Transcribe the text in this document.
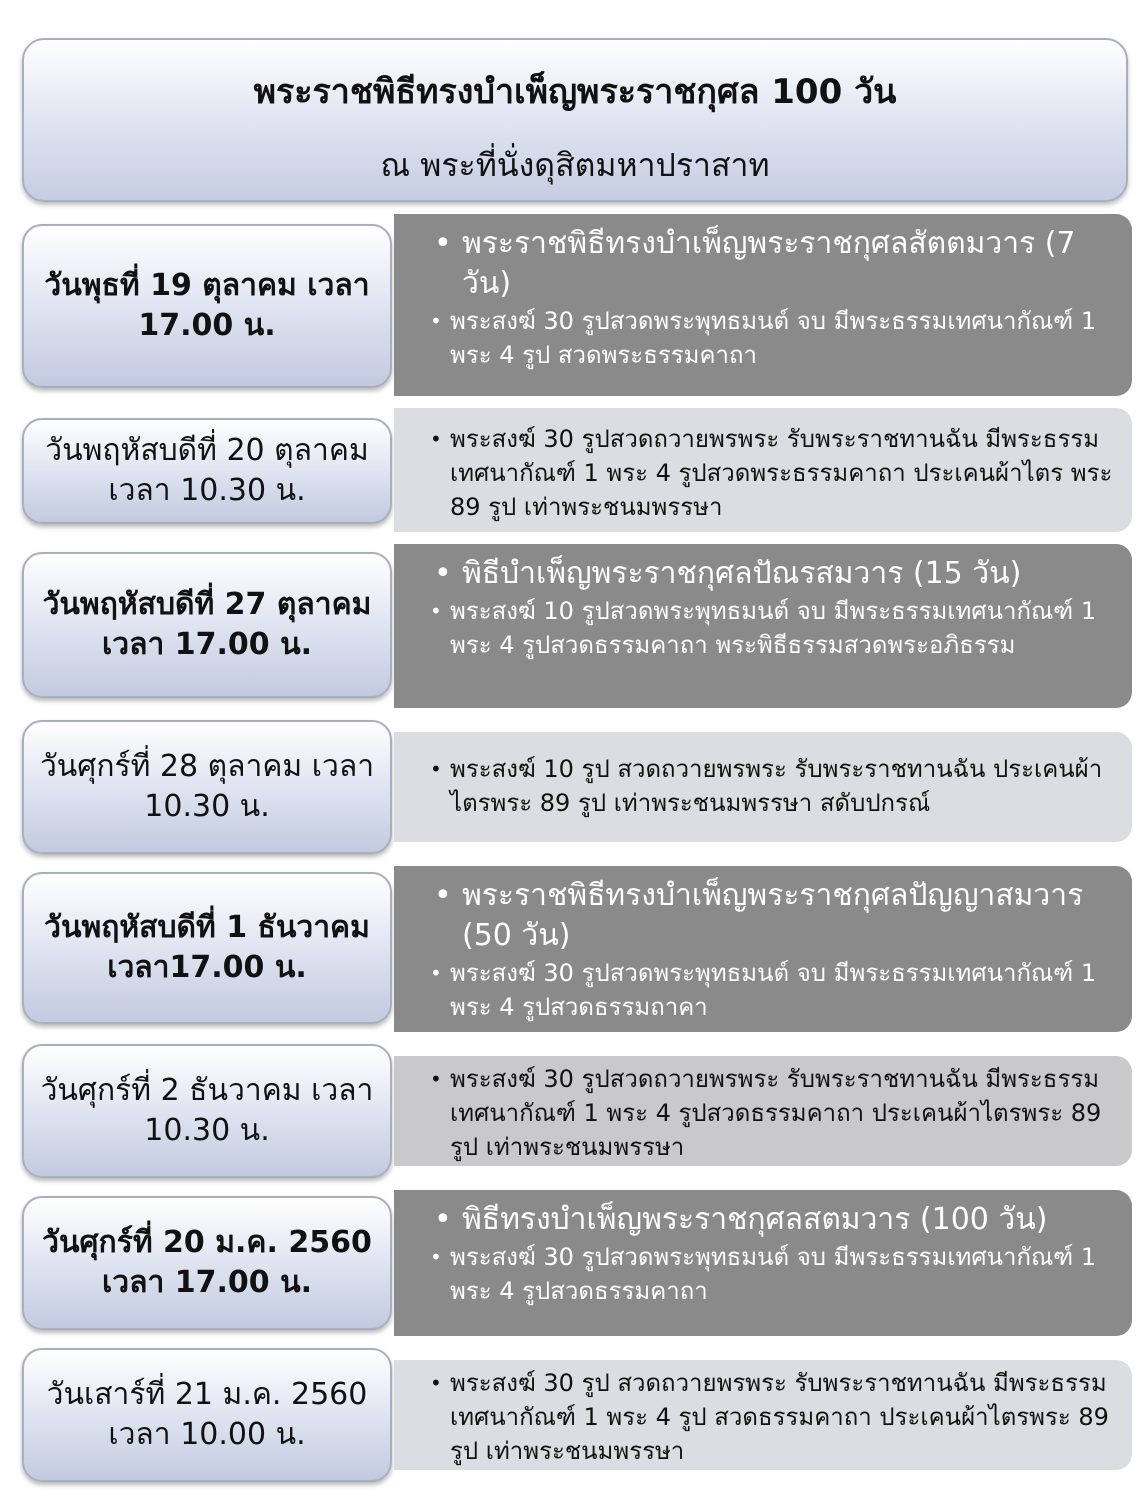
พระราชพิธีทรงบำเพ็ญพระราชกุศล 100 วัน
ณ พระที่นั่งดุสิตมหาปราสาท
วันพุธที่ 19 ตุลาคม เวลา 17.00 น.
• พระราชพิธีทรงบำเพ็ญพระราชกุศลสัตตมวาร (7 วัน)
• พระสงฆ์ 30 รูปสวดพระพุทธมนต์ จบ มีพระธรรมเทศนากัณฑ์ 1 พระ 4 รูป สวดพระธรรมคาถา
วันพฤหัสบดีที่ 20 ตุลาคม เวลา 10.30 น.
• พระสงฆ์ 30 รูปสวดถวายพรพระ รับพระราชทานฉัน มีพระธรรมเทศนากัณฑ์ 1 พระ 4 รูปสวดพระธรรมคาถา ประเคนผ้าไตร พระ 89 รูป เท่าพระชนมพรรษา
วันพฤหัสบดีที่ 27 ตุลาคม เวลา 17.00 น.
• พิธีบำเพ็ญพระราชกุศลปัณรสมวาร (15 วัน)
• พระสงฆ์ 10 รูปสวดพระพุทธมนต์ จบ มีพระธรรมเทศนากัณฑ์ 1 พระ 4 รูปสวดธรรมคาถา พระพิธีธรรมสวดพระอภิธรรม
วันศุกร์ที่ 28 ตุลาคม เวลา 10.30 น.
• พระสงฆ์ 10 รูป สวดถวายพรพระ รับพระราชทานฉัน ประเคนผ้าไตรพระ 89 รูป เท่าพระชนมพรรษา สดับปกรณ์
วันพฤหัสบดีที่ 1 ธันวาคม เวลา17.00 น.
• พระราชพิธีทรงบำเพ็ญพระราชกุศลปัญญาสมวาร (50 วัน)
• พระสงฆ์ 30 รูปสวดพระพุทธมนต์ จบ มีพระธรรมเทศนากัณฑ์ 1 พระ 4 รูปสวดธรรมถาคา
วันศุกร์ที่ 2 ธันวาคม เวลา 10.30 น.
• พระสงฆ์ 30 รูปสวดถวายพรพระ รับพระราชทานฉัน มีพระธรรมเทศนากัณฑ์ 1 พระ 4 รูปสวดธรรมคาถา ประเคนผ้าไตรพระ 89 รูป เท่าพระชนมพรรษา
วันศุกร์ที่ 20 ม.ค. 2560 เวลา 17.00 น.
• พิธีทรงบำเพ็ญพระราชกุศลสตมวาร (100 วัน)
• พระสงฆ์ 30 รูปสวดพระพุทธมนต์ จบ มีพระธรรมเทศนากัณฑ์ 1 พระ 4 รูปสวดธรรมคาถา
วันเสาร์ที่ 21 ม.ค. 2560 เวลา 10.00 น.
• พระสงฆ์ 30 รูป สวดถวายพรพระ รับพระราชทานฉัน มีพระธรรมเทศนากัณฑ์ 1 พระ 4 รูป สวดธรรมคาถา ประเคนผ้าไตรพระ 89 รูป เท่าพระชนมพรรษา
